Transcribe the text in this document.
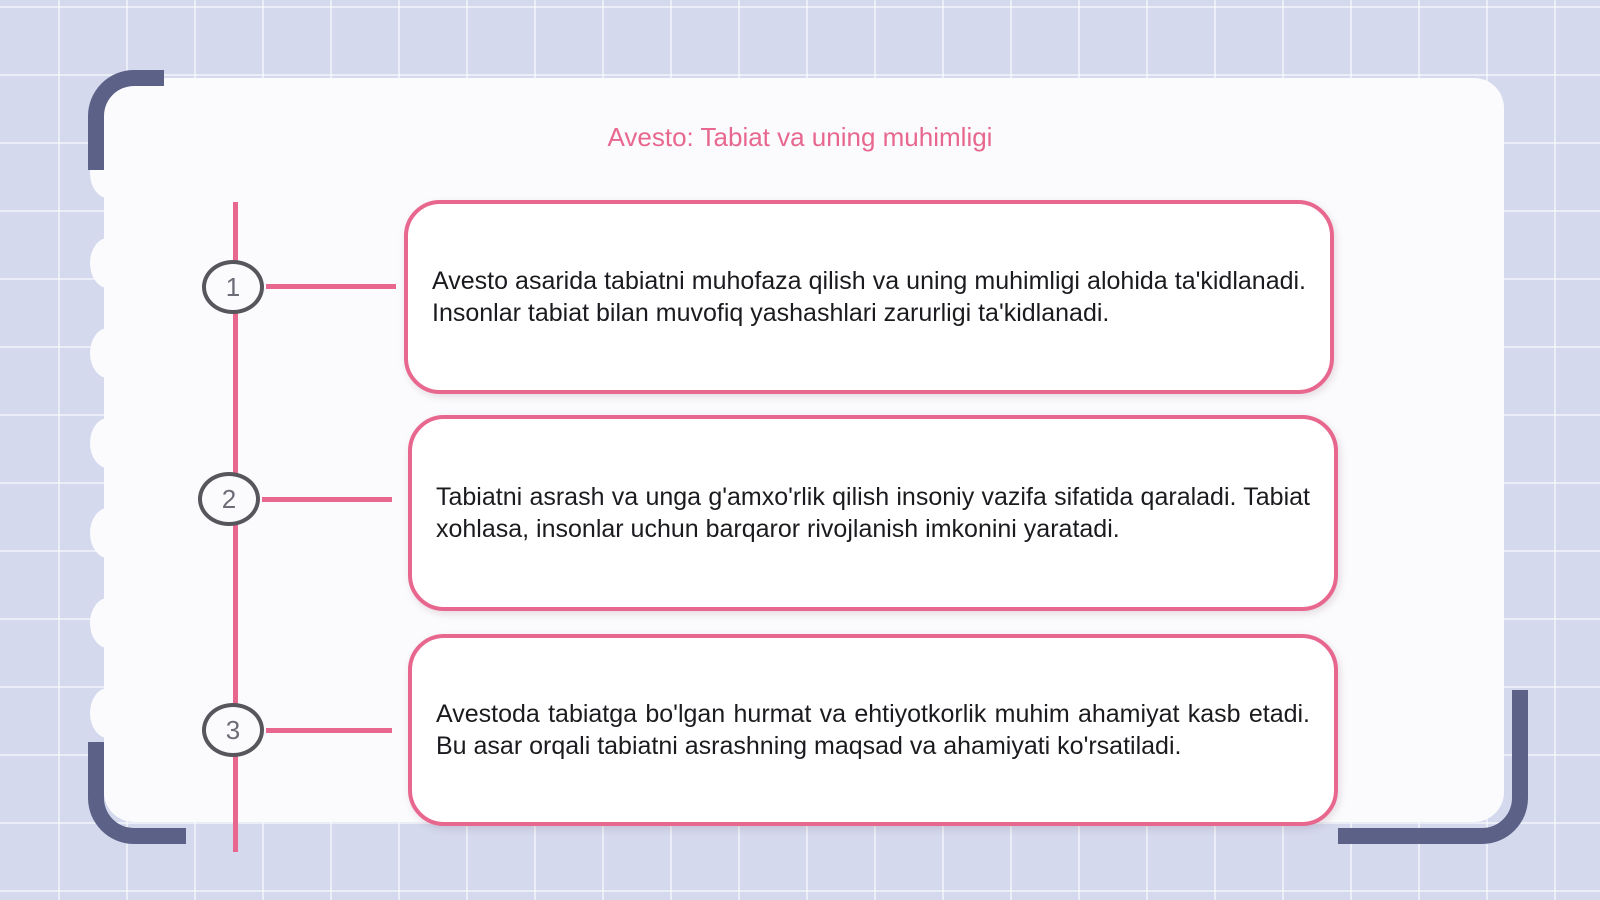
Avesto: Tabiat va uning muhimligi
1	Avesto asarida tabiatni muhofaza qilish va uning muhimligi alohida ta'kidlanadi. Insonlar tabiat bilan muvofiq yashashlari zarurligi ta'kidlanadi.

2	Tabiatni asrash va unga g'amxo'rlik qilish insoniy vazifa sifatida qaraladi. Tabiat xohlasa, insonlar uchun barqaror rivojlanish imkonini yaratadi.

3

Avestoda tabiatga bo'lgan hurmat va ehtiyotkorlik muhim ahamiyat kasb etadi. Bu asar orqali tabiatni asrashning maqsad va ahamiyati ko'rsatiladi.
